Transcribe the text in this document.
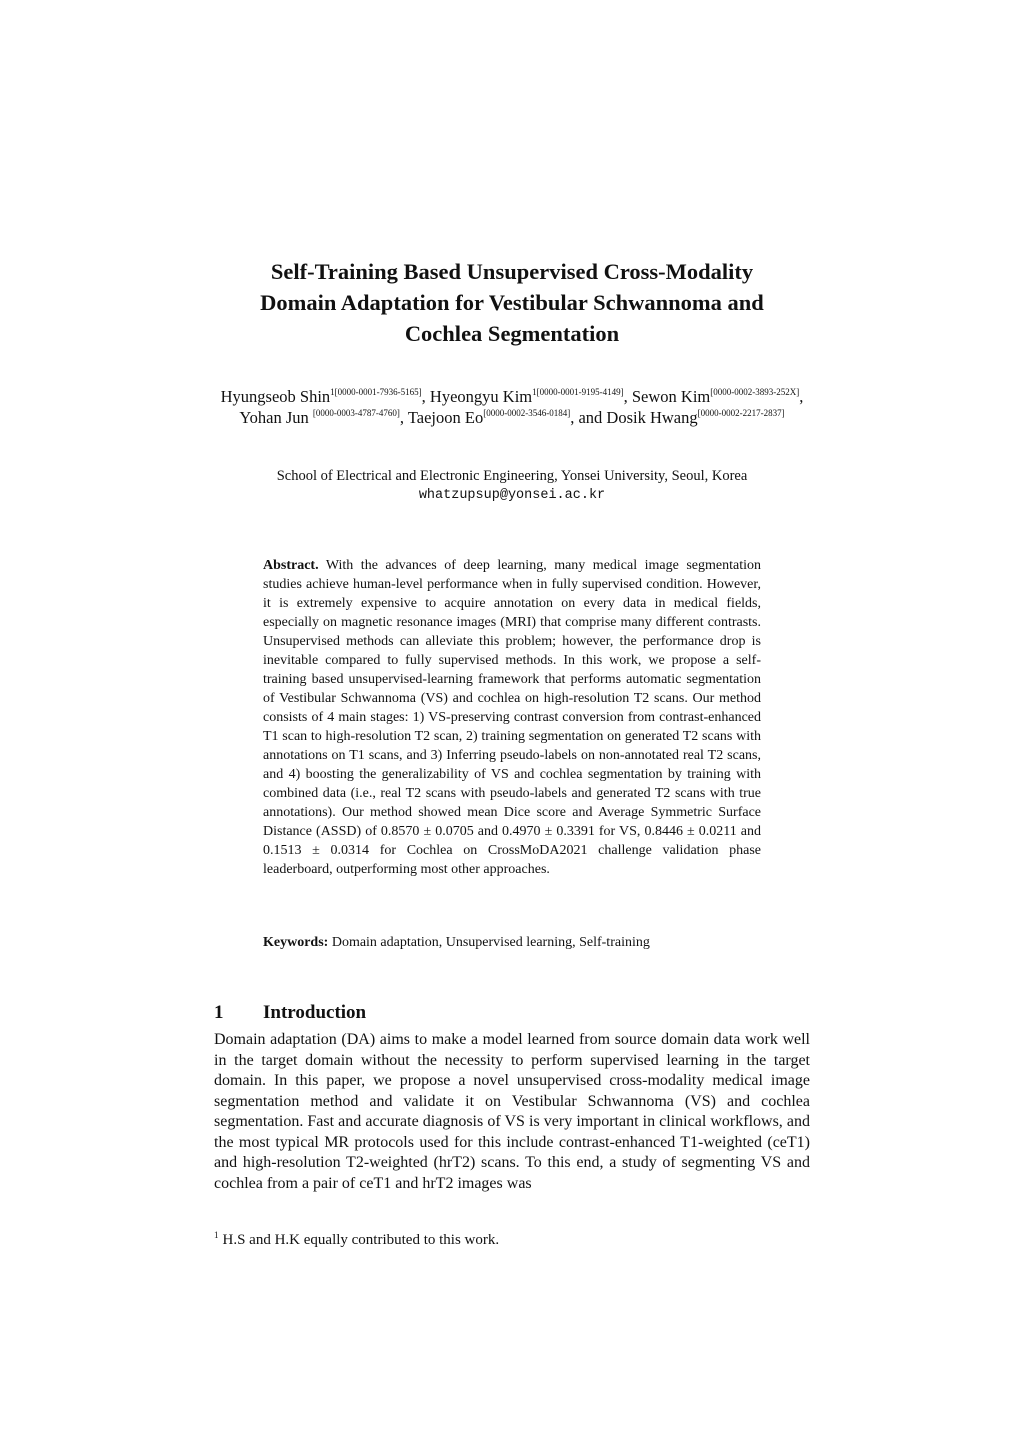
Self-Training Based Unsupervised Cross-Modality
Domain Adaptation for Vestibular Schwannoma and
Cochlea Segmentation
Hyungseob Shin$^{1[0000-0001-7936-5165]}$, Hyeongyu Kim$^{1[0000-0001-9195-4149]}$, Sewon Kim[0000-0002-3893-252X], Yohan Jun [0000-0003-4787-4760], Taejoon Eo[0000-0002-3546-0184], and Dosik Hwang[0000-0002-2217-2837]
School of Electrical and Electronic Engineering, Yonsei University, Seoul, Korea
whatzupsup@yonsei.ac.kr
Abstract. With the advances of deep learning, many medical image segmentation studies achieve human-level performance when in fully supervised condition. However, it is extremely expensive to acquire annotation on every data in medical fields, especially on magnetic resonance images (MRI) that comprise many different contrasts. Unsupervised methods can alleviate this problem; however, the performance drop is inevitable compared to fully supervised methods. In this work, we propose a self-training based unsupervised-learning framework that performs automatic segmentation of Vestibular Schwannoma (VS) and cochlea on high-resolution T2 scans. Our method consists of 4 main stages: 1) VS-preserving contrast conversion from contrast-enhanced T1 scan to high-resolution T2 scan, 2) training segmentation on generated T2 scans with annotations on T1 scans, and 3) Inferring pseudo-labels on non-annotated real T2 scans, and 4) boosting the generalizability of VS and cochlea segmentation by training with combined data (i.e., real T2 scans with pseudo-labels and generated T2 scans with true annotations). Our method showed mean Dice score and Average Symmetric Surface Distance (ASSD) of 0.8570 ± 0.0705 and 0.4970 ± 0.3391 for VS, 0.8446 ± 0.0211 and 0.1513 ± 0.0314 for Cochlea on CrossMoDA2021 challenge validation phase leaderboard, outperforming most other approaches.
Keywords: Domain adaptation, Unsupervised learning, Self-training
1 Introduction

Domain adaptation (DA) aims to make a model learned from source domain data work well in the target domain without the necessity to perform supervised learning in the target domain. In this paper, we propose a novel unsupervised cross-modality medical image segmentation method and validate it on Vestibular Schwannoma (VS) and cochlea segmentation. Fast and accurate diagnosis of VS is very important in clinical workflows, and the most typical MR protocols used for this include contrast-enhanced T1-weighted (ceT1) and high-resolution T2-weighted (hrT2) scans. To this end, a study of segmenting VS and cochlea from a pair of ceT1 and hrT2 images was

$^1$ H.S and H.K equally contributed to this work.
